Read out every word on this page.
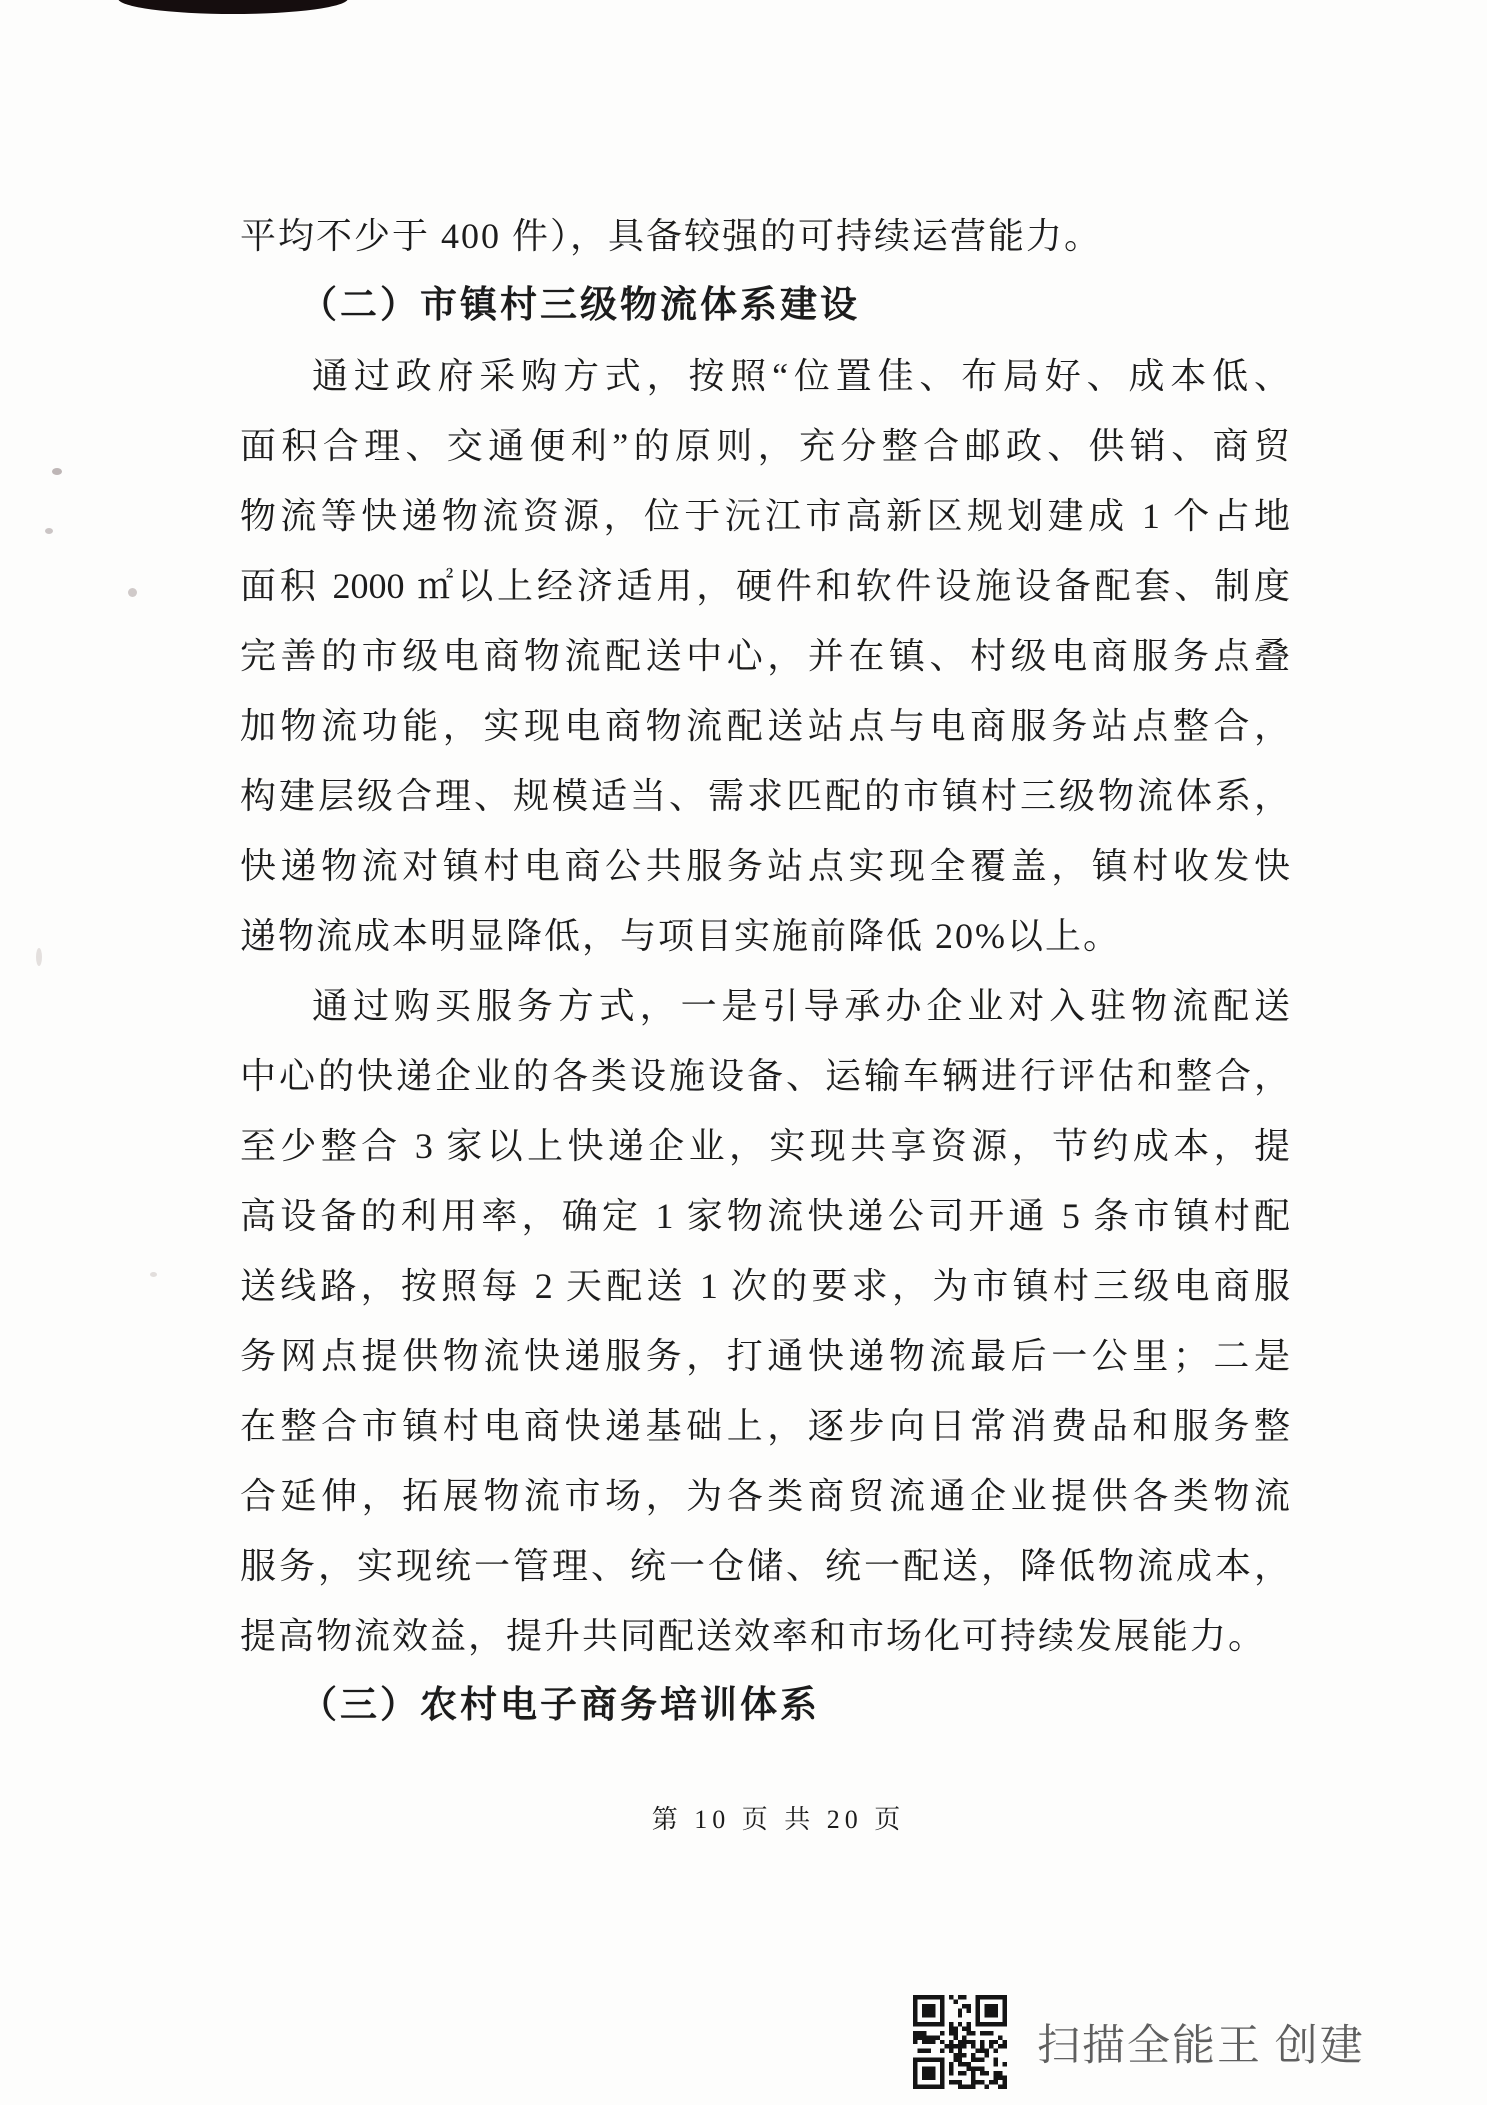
平均不少于 400 件），具备较强的可持续运营能力。
（二）市镇村三级物流体系建设
通过政府采购方式，按照“位置佳、布局好、成本低、
面积合理、交通便利”的原则，充分整合邮政、供销、商贸
物流等快递物流资源，位于沅江市高新区规划建成 1 个占地
面积 2000 ㎡以上经济适用，硬件和软件设施设备配套、制度
完善的市级电商物流配送中心，并在镇、村级电商服务点叠
加物流功能，实现电商物流配送站点与电商服务站点整合，
构建层级合理、规模适当、需求匹配的市镇村三级物流体系，
快递物流对镇村电商公共服务站点实现全覆盖，镇村收发快
递物流成本明显降低，与项目实施前降低 20%以上。
通过购买服务方式，一是引导承办企业对入驻物流配送
中心的快递企业的各类设施设备、运输车辆进行评估和整合，
至少整合 3 家以上快递企业，实现共享资源，节约成本，提
高设备的利用率，确定 1 家物流快递公司开通 5 条市镇村配
送线路，按照每 2 天配送 1 次的要求，为市镇村三级电商服
务网点提供物流快递服务，打通快递物流最后一公里；二是
在整合市镇村电商快递基础上，逐步向日常消费品和服务整
合延伸，拓展物流市场，为各类商贸流通企业提供各类物流
服务，实现统一管理、统一仓储、统一配送，降低物流成本，
提高物流效益，提升共同配送效率和市场化可持续发展能力。
（三）农村电子商务培训体系
第 10 页 共 20 页
扫描全能王 创建
